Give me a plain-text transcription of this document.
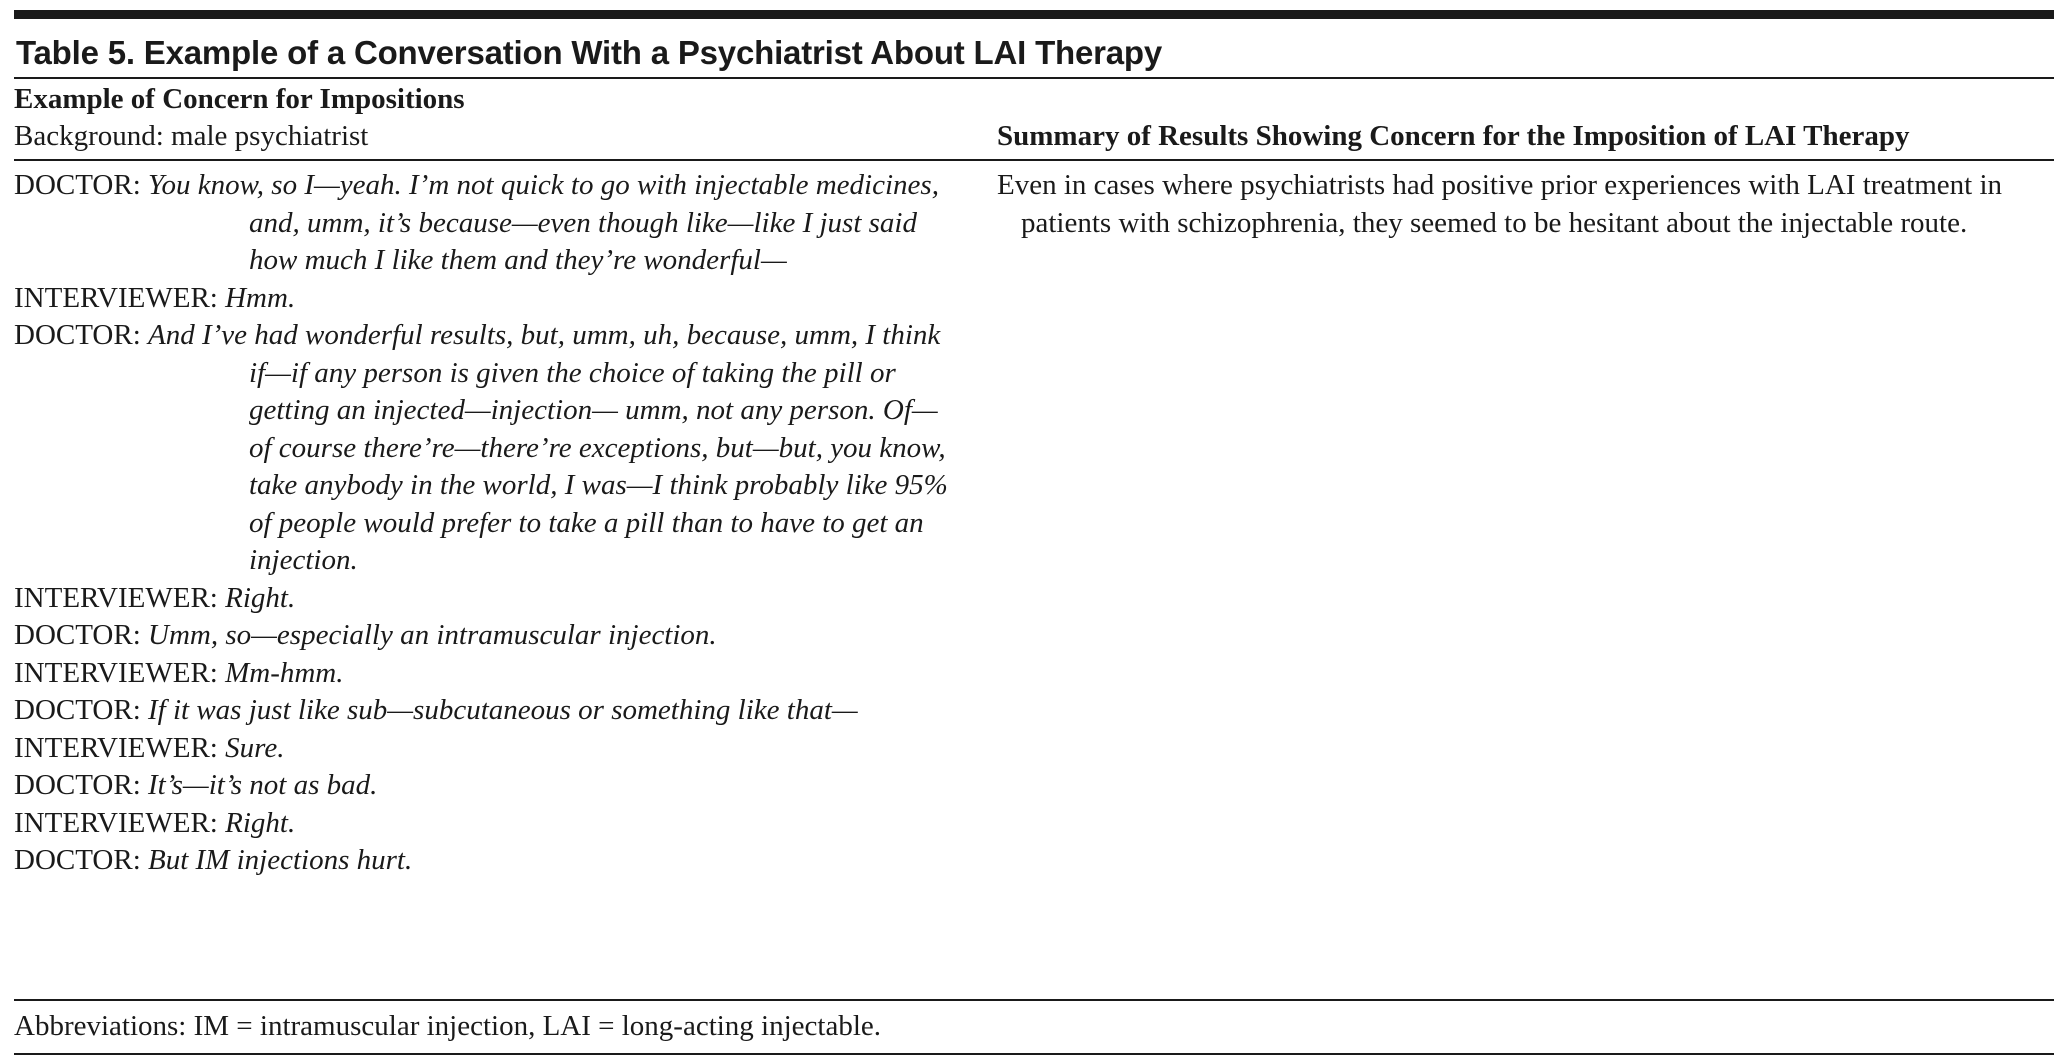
Table 5. Example of a Conversation With a Psychiatrist About LAI Therapy
Example of Concern for Impositions
Background: male psychiatrist	Summary of Results Showing Concern for the Imposition of LAI Therapy
DOCTOR: You know, so I—yeah. I’m not quick to go with injectable medicines, and, umm, it’s because—even though like—like I just said how much I like them and they’re wonderful—
INTERVIEWER: Hmm.
DOCTOR: And I’ve had wonderful results, but, umm, uh, because, umm, I think if—if any person is given the choice of taking the pill or getting an injected—injection— umm, not any person. Of—of course there’re—there’re exceptions, but—but, you know, take anybody in the world, I was—I think probably like 95% of people would prefer to take a pill than to have to get an injection.
INTERVIEWER: Right.
DOCTOR: Umm, so—especially an intramuscular injection.
INTERVIEWER: Mm-hmm.
DOCTOR: If it was just like sub—subcutaneous or something like that—
INTERVIEWER: Sure.
DOCTOR: It’s—it’s not as bad.
INTERVIEWER: Right.
DOCTOR: But IM injections hurt.
Even in cases where psychiatrists had positive prior experiences with LAI treatment in patients with schizophrenia, they seemed to be hesitant about the injectable route.
Abbreviations: IM = intramuscular injection, LAI = long-acting injectable.
